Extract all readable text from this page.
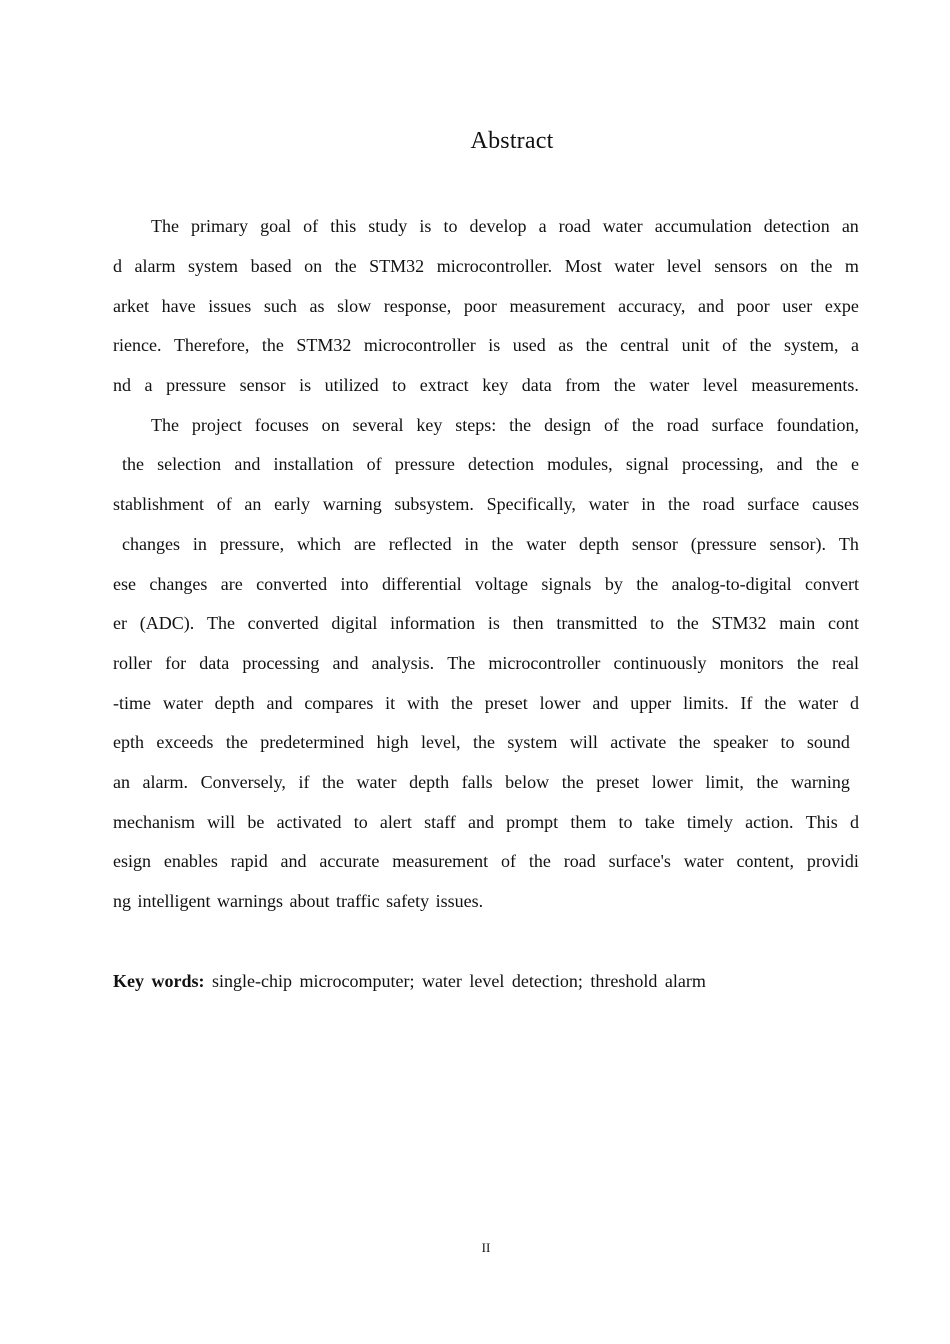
Abstract
The primary goal of this study is to develop a road water accumulation detection an
d alarm system based on the STM32 microcontroller. Most water level sensors on the m
arket have issues such as slow response, poor measurement accuracy, and poor user expe
rience. Therefore, the STM32 microcontroller is used as the central unit of the system, a
nd a pressure sensor is utilized to extract key data from the water level measurements.
The project focuses on several key steps: the design of the road surface foundation,
the selection and installation of pressure detection modules, signal processing, and the e
stablishment of an early warning subsystem. Specifically, water in the road surface causes
changes in pressure, which are reflected in the water depth sensor (pressure sensor). Th
ese changes are converted into differential voltage signals by the analog-to-digital convert
er (ADC). The converted digital information is then transmitted to the STM32 main cont
roller for data processing and analysis. The microcontroller continuously monitors the real
-time water depth and compares it with the preset lower and upper limits. If the water d
epth exceeds the predetermined high level, the system will activate the speaker to sound
an alarm. Conversely, if the water depth falls below the preset lower limit, the warning
mechanism will be activated to alert staff and prompt them to take timely action. This d
esign enables rapid and accurate measurement of the road surface's water content, providi
ng intelligent warnings about traffic safety issues.
Key words: single-chip microcomputer; water level detection; threshold alarm
II
